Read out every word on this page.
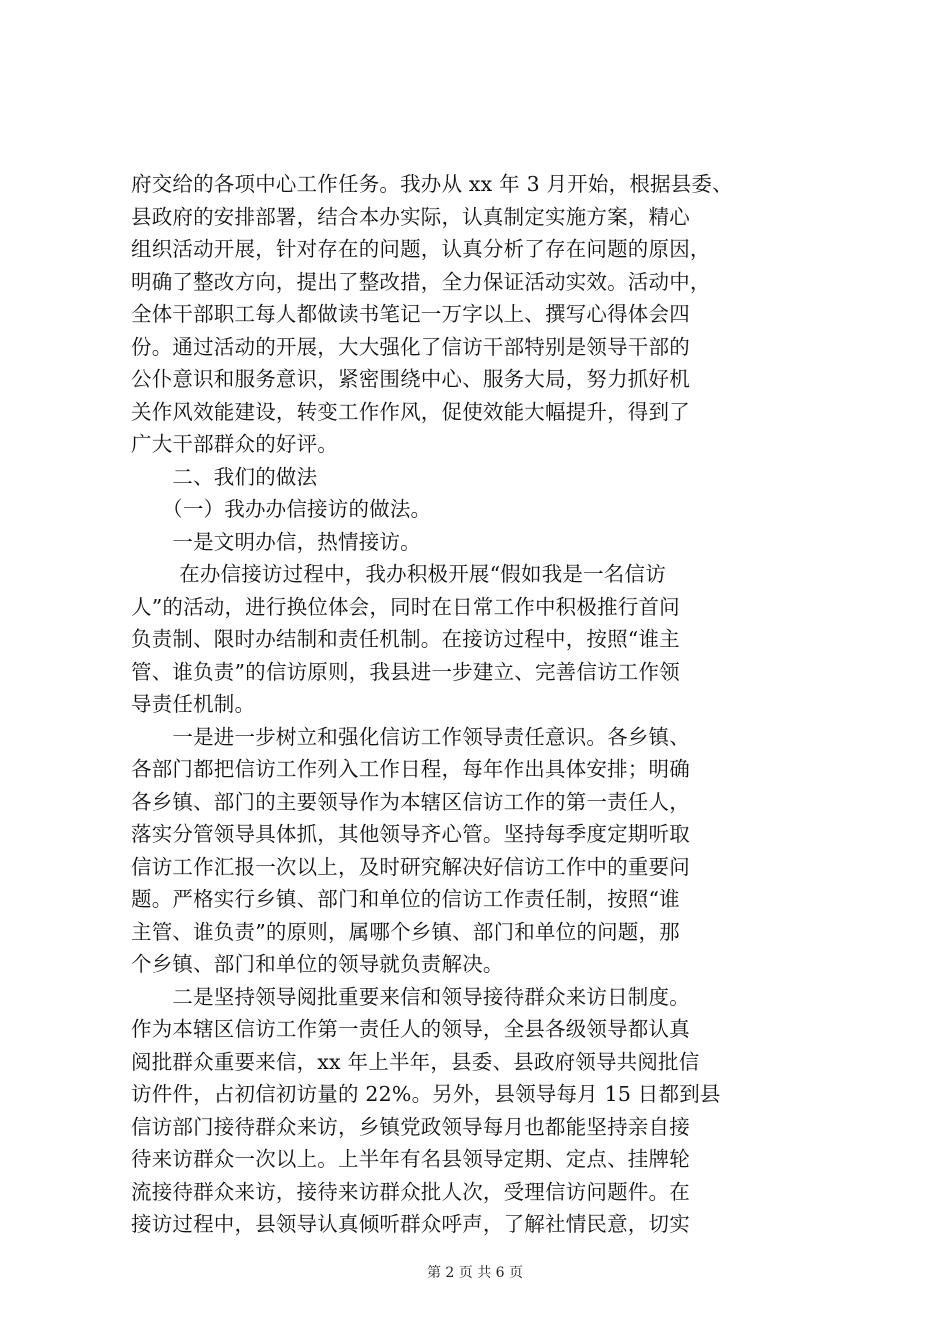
府交给的各项中心工作任务。我办从 xx 年 3 月开始，根据县委、
县政府的安排部署，结合本办实际，认真制定实施方案，精心
组织活动开展，针对存在的问题，认真分析了存在问题的原因，
明确了整改方向，提出了整改措，全力保证活动实效。活动中，
全体干部职工每人都做读书笔记一万字以上、撰写心得体会四
份。通过活动的开展，大大强化了信访干部特别是领导干部的
公仆意识和服务意识，紧密围绕中心、服务大局，努力抓好机
关作风效能建设，转变工作作风，促使效能大幅提升，得到了
广大干部群众的好评。
　　二、我们的做法
　　（一）我办办信接访的做法。
　　一是文明办信，热情接访。
　　 在办信接访过程中，我办积极开展“假如我是一名信访
人”的活动，进行换位体会，同时在日常工作中积极推行首问
负责制、限时办结制和责任机制。在接访过程中，按照“谁主
管、谁负责”的信访原则，我县进一步建立、完善信访工作领
导责任机制。
　　一是进一步树立和强化信访工作领导责任意识。各乡镇、
各部门都把信访工作列入工作日程，每年作出具体安排；明确
各乡镇、部门的主要领导作为本辖区信访工作的第一责任人，
落实分管领导具体抓，其他领导齐心管。坚持每季度定期听取
信访工作汇报一次以上，及时研究解决好信访工作中的重要问
题。严格实行乡镇、部门和单位的信访工作责任制，按照“谁
主管、谁负责”的原则，属哪个乡镇、部门和单位的问题，那
个乡镇、部门和单位的领导就负责解决。
　　二是坚持领导阅批重要来信和领导接待群众来访日制度。
作为本辖区信访工作第一责任人的领导，全县各级领导都认真
阅批群众重要来信，xx 年上半年，县委、县政府领导共阅批信
访件件，占初信初访量的 22%。另外，县领导每月 15 日都到县
信访部门接待群众来访，乡镇党政领导每月也都能坚持亲自接
待来访群众一次以上。上半年有名县领导定期、定点、挂牌轮
流接待群众来访，接待来访群众批人次，受理信访问题件。在
接访过程中，县领导认真倾听群众呼声，了解社情民意，切实
第 2 页 共 6 页
